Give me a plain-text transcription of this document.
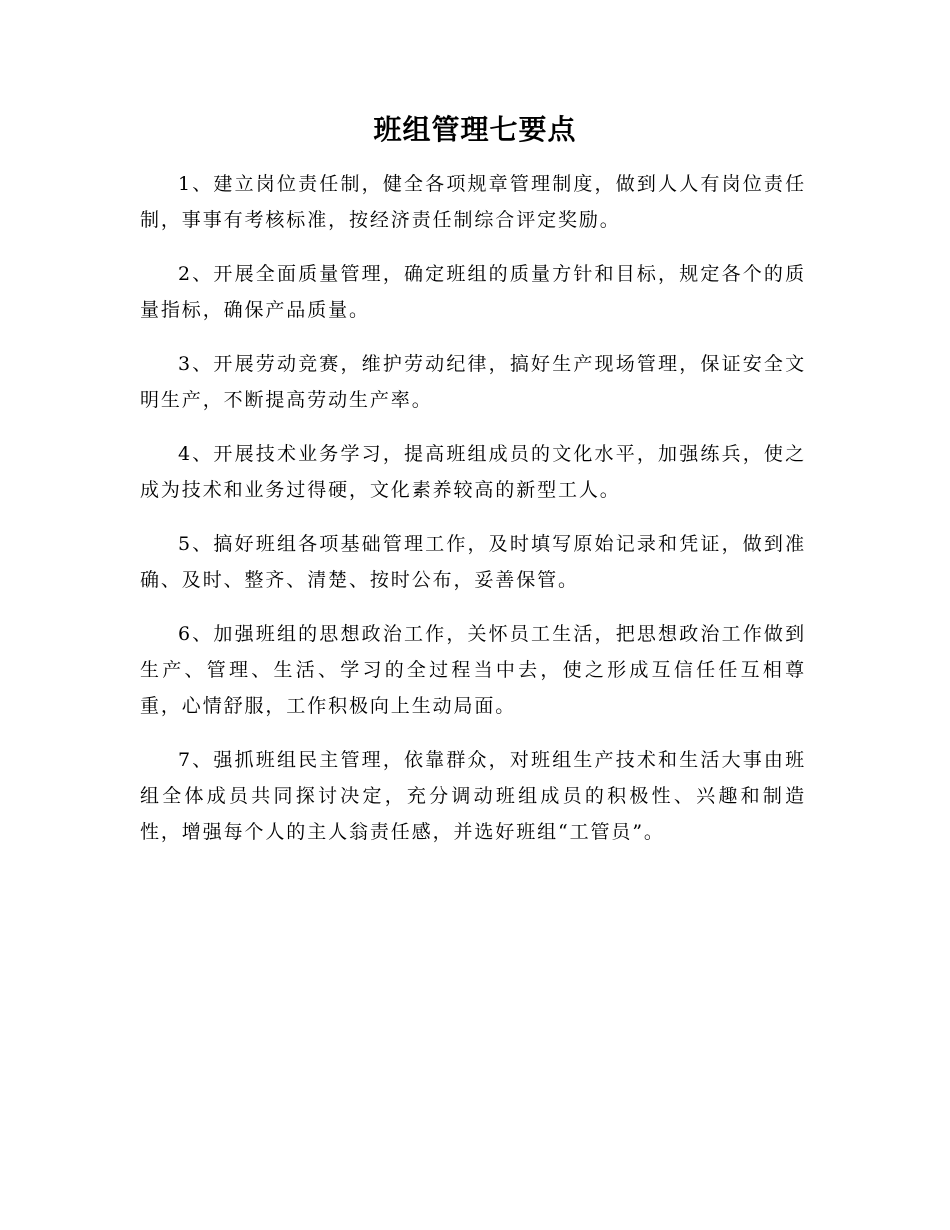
班组管理七要点

1、建立岗位责任制，健全各项规章管理制度，做到人人有岗位责任制，事事有考核标准，按经济责任制综合评定奖励。

2、开展全面质量管理，确定班组的质量方针和目标，规定各个的质量指标，确保产品质量。

3、开展劳动竞赛，维护劳动纪律，搞好生产现场管理，保证安全文明生产，不断提高劳动生产率。

4、开展技术业务学习，提高班组成员的文化水平，加强练兵，使之成为技术和业务过得硬，文化素养较高的新型工人。

5、搞好班组各项基础管理工作，及时填写原始记录和凭证，做到准确、及时、整齐、清楚、按时公布，妥善保管。

6、加强班组的思想政治工作，关怀员工生活，把思想政治工作做到生产、管理、生活、学习的全过程当中去，使之形成互信任任互相尊重，心情舒服，工作积极向上生动局面。

7、强抓班组民主管理，依靠群众，对班组生产技术和生活大事由班组全体成员共同探讨决定，充分调动班组成员的积极性、兴趣和制造性，增强每个人的主人翁责任感，并选好班组“工管员”。
